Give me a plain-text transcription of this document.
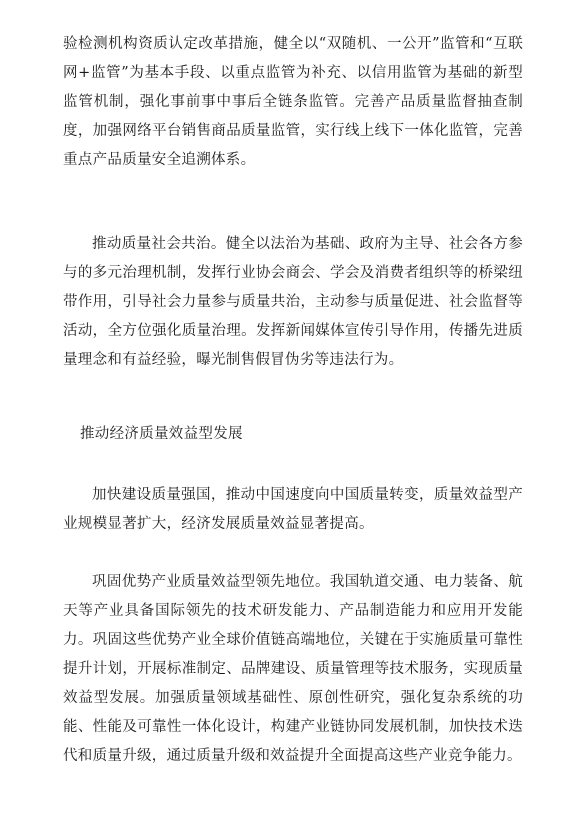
验检测机构资质认定改革措施，健全以“双随机、一公开”监管和“互联网+监管”为基本手段、以重点监管为补充、以信用监管为基础的新型监管机制，强化事前事中事后全链条监管。完善产品质量监督抽查制度，加强网络平台销售商品质量监管，实行线上线下一体化监管，完善重点产品质量安全追溯体系。

推动质量社会共治。健全以法治为基础、政府为主导、社会各方参与的多元治理机制，发挥行业协会商会、学会及消费者组织等的桥梁纽带作用，引导社会力量参与质量共治，主动参与质量促进、社会监督等活动，全方位强化质量治理。发挥新闻媒体宣传引导作用，传播先进质量理念和有益经验，曝光制售假冒伪劣等违法行为。

推动经济质量效益型发展

加快建设质量强国，推动中国速度向中国质量转变，质量效益型产业规模显著扩大，经济发展质量效益显著提高。

巩固优势产业质量效益型领先地位。我国轨道交通、电力装备、航天等产业具备国际领先的技术研发能力、产品制造能力和应用开发能力。巩固这些优势产业全球价值链高端地位，关键在于实施质量可靠性提升计划，开展标准制定、品牌建设、质量管理等技术服务，实现质量效益型发展。加强质量领域基础性、原创性研究，强化复杂系统的功能、性能及可靠性一体化设计，构建产业链协同发展机制，加快技术迭代和质量升级，通过质量升级和效益提升全面提高这些产业竞争能力。
